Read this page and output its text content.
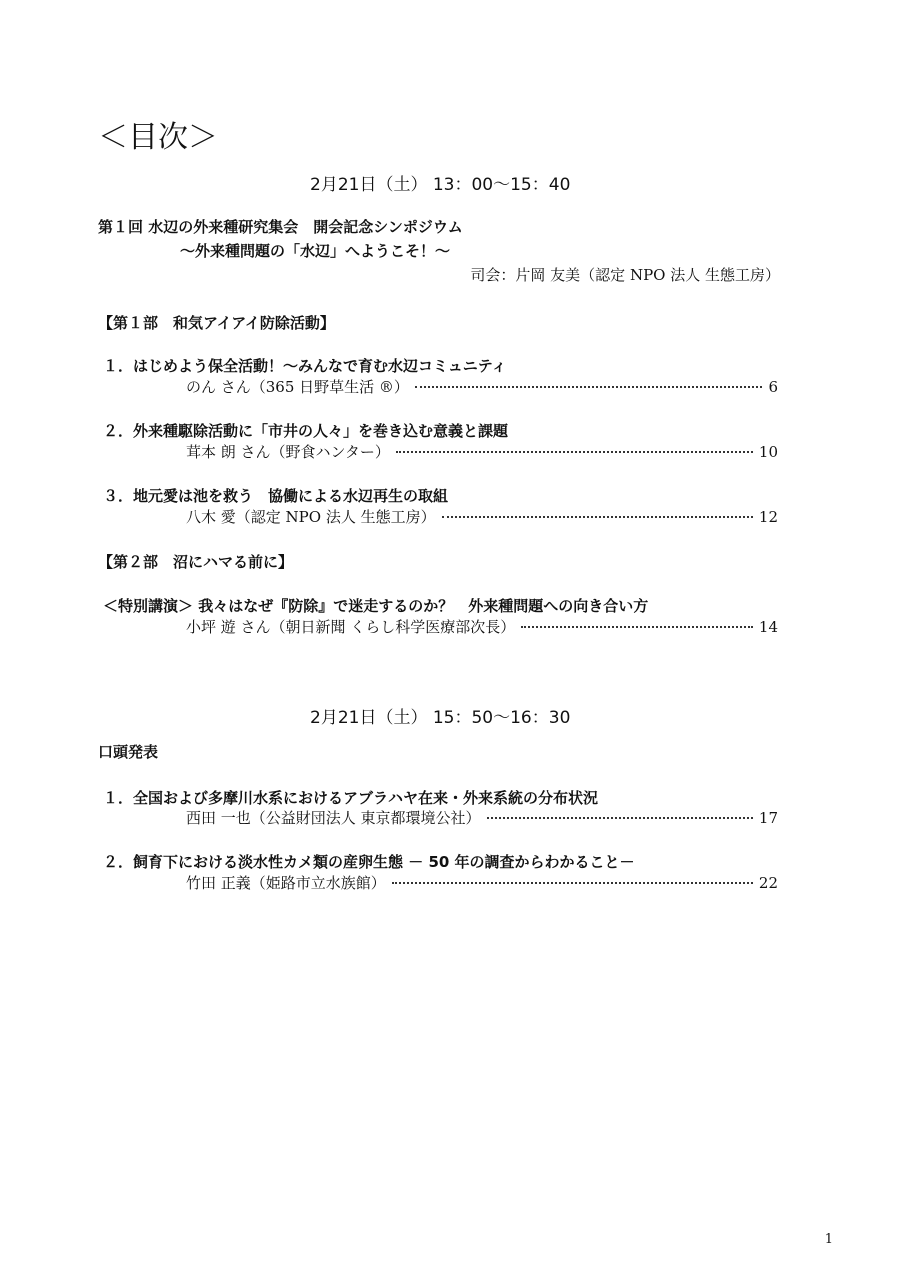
＜目次＞
2月21日（土） 13：00～15：40
第１回 水辺の外来種研究集会　開会記念シンポジウム
～外来種問題の「水辺」へようこそ！～
司会：片岡 友美（認定 NPO 法人 生態工房）
【第１部　和気アイアイ防除活動】
１．はじめよう保全活動！～みんなで育む水辺コミュニティ
のん さん（365 日野草生活 ®）	6
２．外来種駆除活動に「市井の人々」を巻き込む意義と課題
茸本 朗 さん（野食ハンター）	10
３．地元愛は池を救う　協働による水辺再生の取組
八木 愛（認定 NPO 法人 生態工房）	12
【第２部　沼にハマる前に】
＜特別講演＞ 我々はなぜ『防除』で迷走するのか？　外来種問題への向き合い方
小坪 遊 さん（朝日新聞 くらし科学医療部次長）	14
2月21日（土） 15：50～16：30
口頭発表
１．全国および多摩川水系におけるアブラハヤ在来・外来系統の分布状況
西田 一也（公益財団法人 東京都環境公社）	17
２．飼育下における淡水性カメ類の産卵生態 － 50 年の調査からわかること－
竹田 正義（姫路市立水族館）	22
1
